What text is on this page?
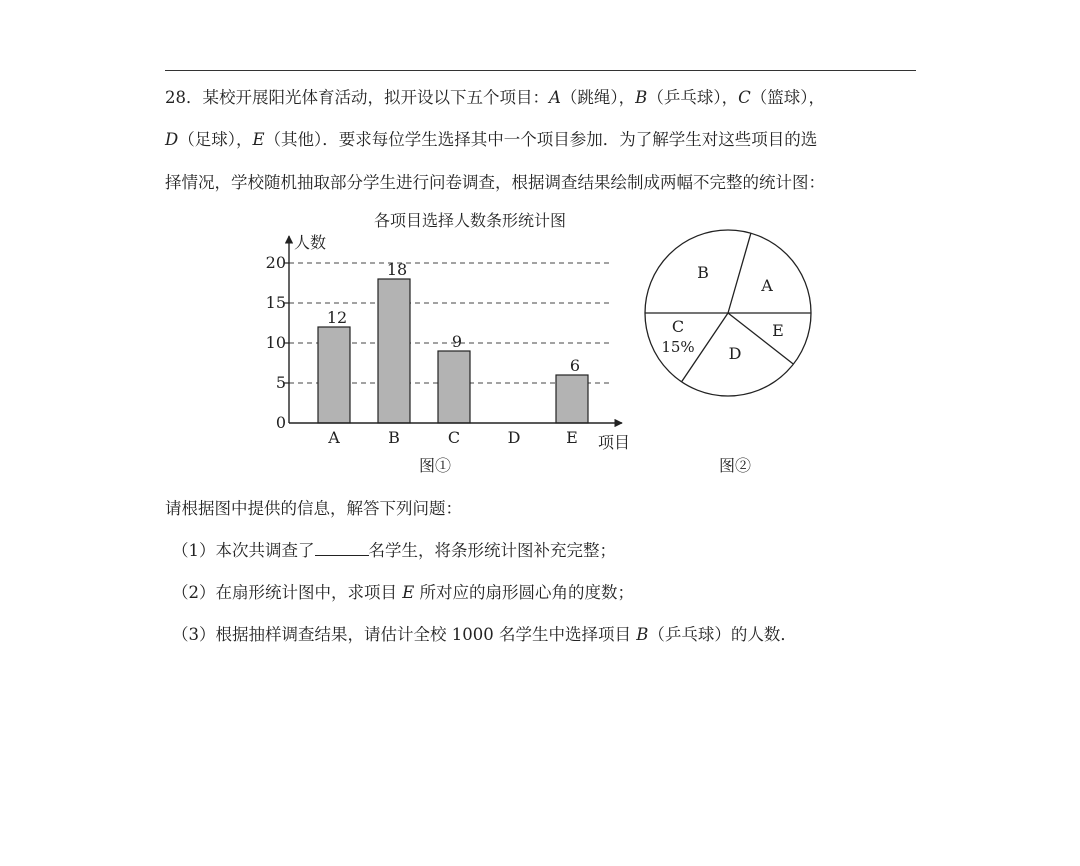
28．某校开展阳光体育活动，拟开设以下五个项目：A（跳绳），B（乒乓球），C（篮球），
D（足球），E（其他）．要求每位学生选择其中一个项目参加．为了解学生对这些项目的选
择情况，学校随机抽取部分学生进行问卷调查，根据调查结果绘制成两幅不完整的统计图：
各项目选择人数条形统计图
人数
项目
12
18
9
6
0
5
10
15
20
A	B	C	D	E
图①
B
A
C
15%
E
D
图②
请根据图中提供的信息，解答下列问题：
（1）本次共调查了	名学生，将条形统计图补充完整；
（2）在扇形统计图中，求项目 E 所对应的扇形圆心角的度数；
（3）根据抽样调查结果，请估计全校 1000 名学生中选择项目 B（乒乓球）的人数．
